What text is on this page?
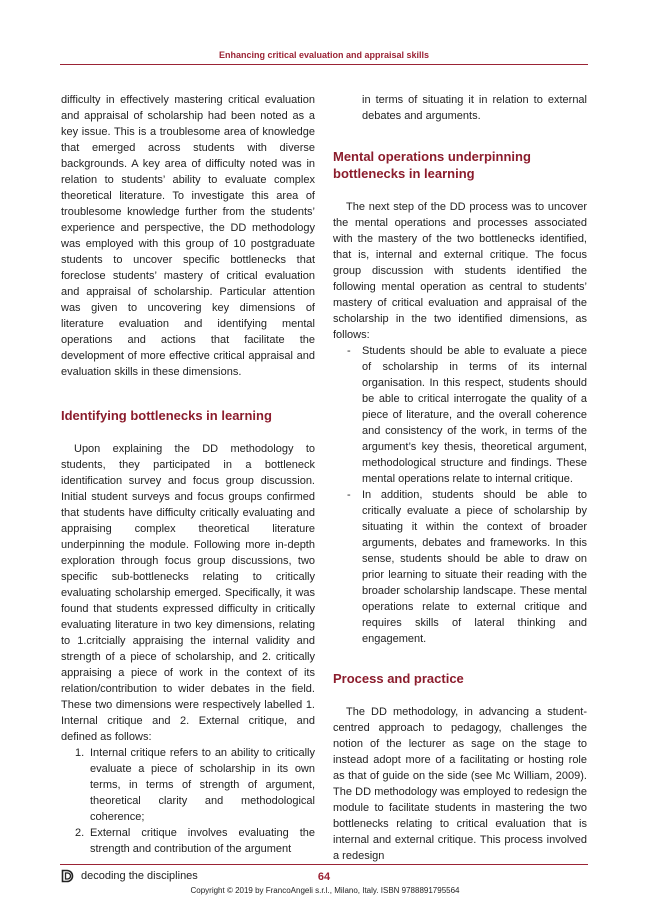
Enhancing critical evaluation and appraisal skills

difficulty in effectively mastering critical evaluation and appraisal of scholarship had been noted as a key issue. This is a troublesome area of knowledge that emerged across students with diverse backgrounds. A key area of difficulty noted was in relation to students’ ability to evaluate complex theoretical literature. To investigate this area of troublesome knowledge further from the students’ experience and perspective, the DD methodology was employed with this group of 10 postgraduate students to uncover specific bottlenecks that foreclose students’ mastery of critical evaluation and appraisal of scholarship. Particular attention was given to uncovering key dimensions of literature evaluation and identifying mental operations and actions that facilitate the development of more effective critical appraisal and evaluation skills in these dimensions.

Identifying bottlenecks in learning

Upon explaining the DD methodology to students, they participated in a bottleneck identification survey and focus group discussion. Initial student surveys and focus groups confirmed that students have difficulty critically evaluating and appraising complex theoretical literature underpinning the module. Following more in-depth exploration through focus group discussions, two specific sub-bottlenecks relating to critically evaluating scholarship emerged. Specifically, it was found that students expressed difficulty in critically evaluating literature in two key dimensions, relating to 1.critcially appraising the internal validity and strength of a piece of scholarship, and 2. critically appraising a piece of work in the context of its relation/contribution to wider debates in the field. These two dimensions were respectively labelled 1. Internal critique and 2. External critique, and defined as follows:

1. Internal critique refers to an ability to critically evaluate a piece of scholarship in its own terms, in terms of strength of argument, theoretical clarity and methodological coherence;
2. External critique involves evaluating the strength and contribution of the argument

in terms of situating it in relation to external debates and arguments.

Mental operations underpinning bottlenecks in learning

The next step of the DD process was to uncover the mental operations and processes associated with the mastery of the two bottlenecks identified, that is, internal and external critique. The focus group discussion with students identified the following mental operation as central to students’ mastery of critical evaluation and appraisal of the scholarship in the two identified dimensions, as follows:

- Students should be able to evaluate a piece of scholarship in terms of its internal organisation. In this respect, students should be able to critical interrogate the quality of a piece of literature, and the overall coherence and consistency of the work, in terms of the argument’s key thesis, theoretical argument, methodological structure and findings. These mental operations relate to internal critique.
- In addition, students should be able to critically evaluate a piece of scholarship by situating it within the context of broader arguments, debates and frameworks. In this sense, students should be able to draw on prior learning to situate their reading with the broader scholarship landscape. These mental operations relate to external critique and requires skills of lateral thinking and engagement.
Process and practice

The DD methodology, in advancing a student-centred approach to pedagogy, challenges the notion of the lecturer as sage on the stage to instead adopt more of a facilitating or hosting role as that of guide on the side (see Mc William, 2009). The DD methodology was employed to redesign the module to facilitate students in mastering the two bottlenecks relating to critical evaluation that is internal and external critique. This process involved a redesign

decoding the disciplines	64
Copyright © 2019 by FrancoAngeli s.r.l., Milano, Italy. ISBN 9788891795564
